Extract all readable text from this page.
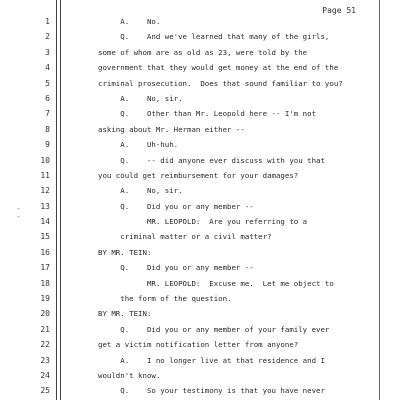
Page 51
‑
‑
1	A.    No.
2	Q.    And we've learned that many of the girls,
3	some of whom are as old as 23, were told by the
4	government that they would get money at the end of the
5	criminal prosecution.  Does that sound familiar to you?
6	A.    No, sir.
7	Q.    Other than Mr. Leopold here -- I'm not
8	asking about Mr. Herman either --
9	A.    Uh-huh.
10	Q.    -- did anyone ever discuss with you that
11	you could get reimbursement for your damages?
12	A.    No, sir.
13	Q.    Did you or any member --
14	MR. LEOPOLD:  Are you referring to a
15	criminal matter or a civil matter?
16	BY MR. TEIN:
17	Q.    Did you or any member --
18	MR. LEOPOLD:  Excuse me.  Let me object to
19	the form of the question.
20	BY MR. TEIN:
21	Q.    Did you or any member of your family ever
22	get a victim notification letter from anyone?
23	A.    I no longer live at that residence and I
24	wouldn't know.
25	Q.    So your testimony is that you have never
